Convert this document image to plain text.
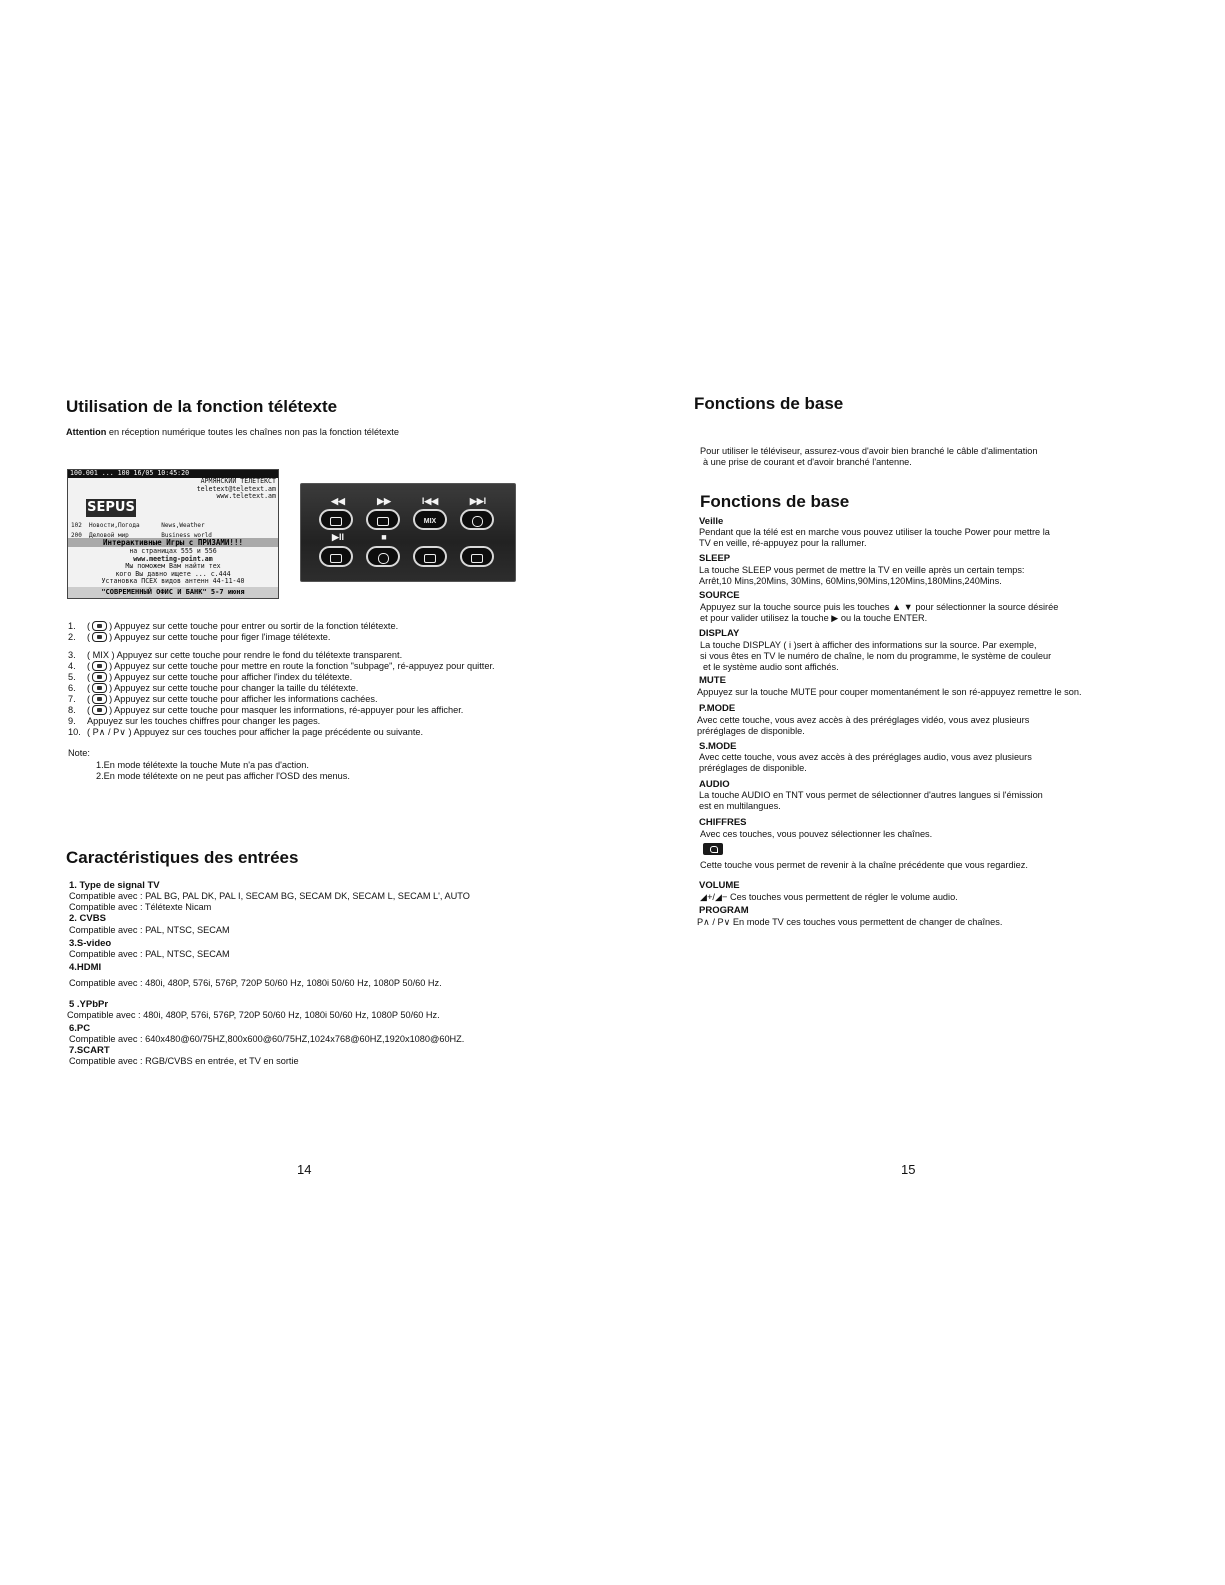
Utilisation de la fonction télétexte
Attention en réception numérique toutes les chaînes non pas la fonction télétexte
100.001 ... 100 16/05 10:45:20
АРМЯНСКИЙ ТЕЛЕТЕКСТ
teletext@teletext.am
www.teletext.am
SEPUS

102  Новости,Погода      News,Weather

200  Деловой мир         Business world

Интерактивные Игры с ПРИЗАМИ!!!
на страницах 555 и 556
www.meeting-point.am
Мы поможем Вам найти тех
кого Вы давно ищете ... с.444
Установка ПСЕХ видов антенн 44-11-40
"СОВРЕМЕННЫЙ ОФИС И БАНК" 5-7 июня
◀◀	▶▶	I◀◀	▶▶I
MIX
▶II	■
1. ( ) Appuyez sur cette touche pour entrer ou sortir de la fonction télétexte.
2. ( ) Appuyez sur cette touche pour figer l'image télétexte.
3. ( MIX ) Appuyez sur cette touche pour rendre le fond du télétexte transparent.
4. ( ) Appuyez sur cette touche pour mettre en route la fonction "subpage", ré-appuyez pour quitter.
5. ( ) Appuyez sur cette touche pour afficher l'index du télétexte.
6. ( ) Appuyez sur cette touche pour changer la taille du télétexte.
7. ( ) Appuyez sur cette touche pour afficher les informations cachées.
8. ( ) Appuyez sur cette touche pour masquer les informations, ré-appuyer pour les afficher.
9. Appuyez sur les touches chiffres pour changer les pages.
10. ( P∧ / P∨ ) Appuyez sur ces touches pour afficher la page précédente ou suivante.
Note:
1.En mode télétexte la touche Mute n'a pas d'action.
2.En mode télétexte on ne peut pas afficher l'OSD des menus.
Caractéristiques des entrées
1. Type de signal TV
Compatible avec : PAL BG, PAL DK, PAL I, SECAM BG, SECAM DK, SECAM L, SECAM L', AUTO
Compatible avec : Télétexte Nicam
2. CVBS
Compatible avec : PAL, NTSC, SECAM
3.S-video
Compatible avec : PAL, NTSC, SECAM
4.HDMI
Compatible avec : 480i, 480P, 576i, 576P, 720P 50/60 Hz, 1080i 50/60 Hz, 1080P 50/60 Hz.
5 .YPbPr
Compatible avec : 480i, 480P, 576i, 576P, 720P 50/60 Hz, 1080i 50/60 Hz, 1080P 50/60 Hz.
6.PC
Compatible avec : 640x480@60/75HZ,800x600@60/75HZ,1024x768@60HZ,1920x1080@60HZ.
7.SCART
Compatible avec : RGB/CVBS en entrée, et TV en sortie
14
Fonctions de base
Pour utiliser le téléviseur, assurez-vous d'avoir bien branché le câble d'alimentation
à une prise de courant et d'avoir branché l'antenne.
Fonctions de base
Veille
Pendant que la télé est en marche vous pouvez utiliser la touche Power pour mettre la
TV en veille, ré-appuyez pour la rallumer.
SLEEP
La touche SLEEP vous permet de mettre la TV en veille après un certain temps:
Arrêt,10 Mins,20Mins, 30Mins, 60Mins,90Mins,120Mins,180Mins,240Mins.
SOURCE
Appuyez sur la touche source puis les touches ▲ ▼ pour sélectionner la source désirée
et pour valider utilisez la touche ▶ ou la touche ENTER.
DISPLAY
La touche DISPLAY ( i )sert à afficher des informations sur la source. Par exemple,
si vous êtes en TV le numéro de chaîne, le nom du programme, le système de couleur
et le système audio sont affichés.
MUTE
Appuyez sur la touche MUTE pour couper momentanément le son ré-appuyez remettre le son.
P.MODE
Avec cette touche, vous avez accès à des préréglages vidéo, vous avez plusieurs
préréglages de disponible.
S.MODE
Avec cette touche, vous avez accès à des préréglages audio, vous avez plusieurs
préréglages de disponible.
AUDIO
La touche AUDIO en TNT vous permet de sélectionner d'autres langues si l'émission
est en multilangues.
CHIFFRES
Avec ces touches, vous pouvez sélectionner les chaînes.
Cette touche vous permet de revenir à la chaîne précédente que vous regardiez.
VOLUME
◢+/◢− Ces touches vous permettent de régler le volume audio.
PROGRAM
P∧ / P∨ En mode TV ces touches vous permettent de changer de chaînes.
15
